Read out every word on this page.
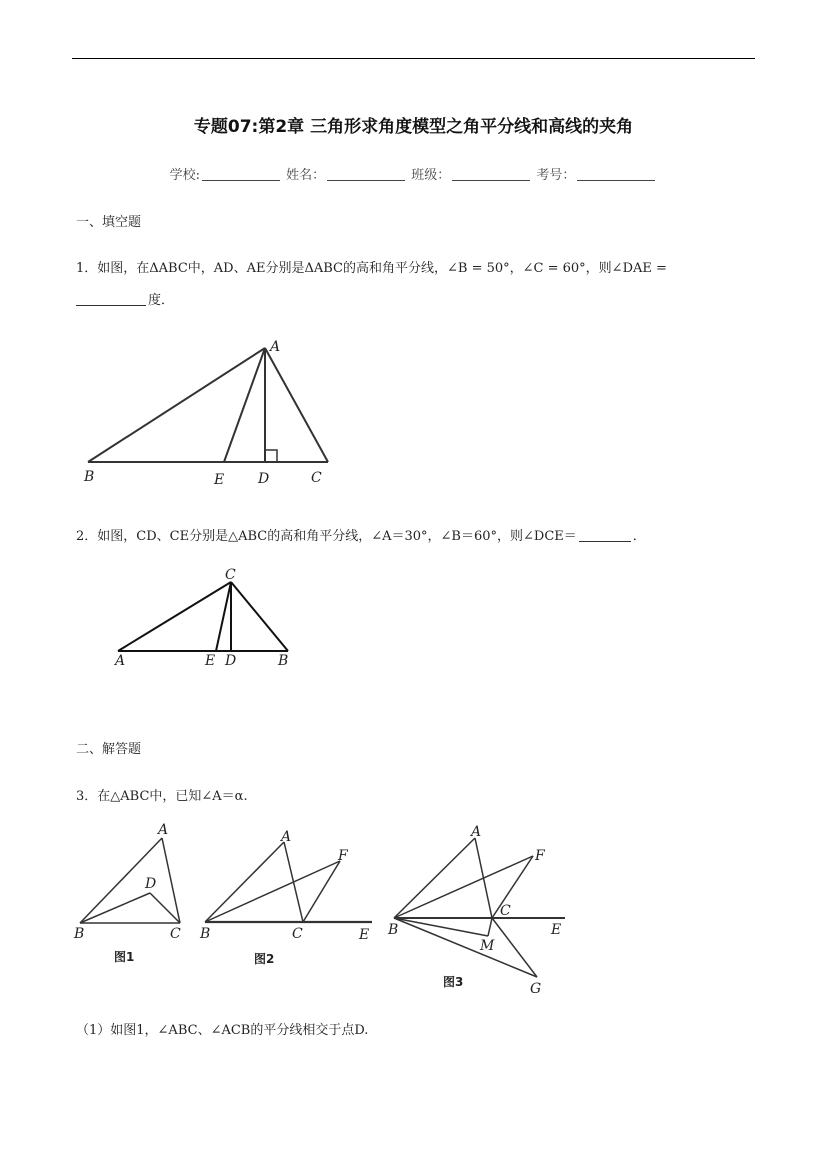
专题07:第2章 三角形求角度模型之角平分线和高线的夹角
学校:	姓名：	班级：	考号：
一、填空题
1．如图，在ΔABC中，AD、AE分别是ΔABC的高和角平分线，∠B = 50°，∠C = 60°，则∠DAE =
度．
A
B	E D	C
2．如图，CD、CE分别是△ABC的高和角平分线，∠A＝30°，∠B＝60°，则∠DCE＝	．
C
A	E D	B
二、解答题
3．在△ABC中，已知∠A＝α.
A
D
B	C
图1
A
F
B	C	E
图2
A
F
C
B	E
M
G
图3
（1）如图1，∠ABC、∠ACB的平分线相交于点D.
